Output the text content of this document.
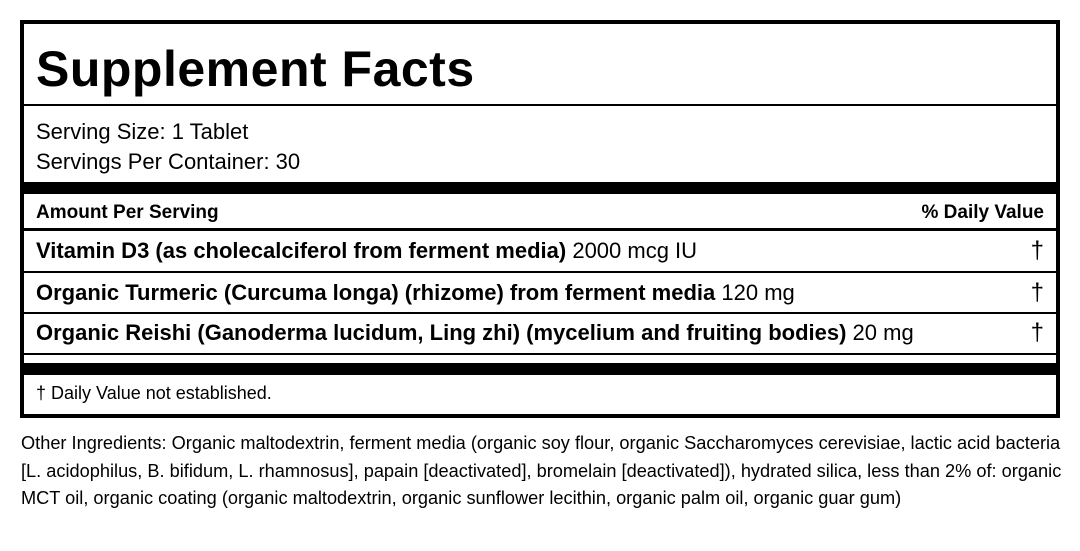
Supplement Facts
Serving Size: 1 Tablet
Servings Per Container: 30
Amount Per Serving	% Daily Value
Vitamin D3 (as cholecalciferol from ferment media) 2000 mcg IU	†
Organic Turmeric (Curcuma longa) (rhizome) from ferment media 120 mg	†
Organic Reishi (Ganoderma lucidum, Ling zhi) (mycelium and fruiting bodies) 20 mg	†
† Daily Value not established.
Other Ingredients: Organic maltodextrin, ferment media (organic soy flour, organic Saccharomyces cerevisiae, lactic acid bacteria [L. acidophilus, B. bifidum, L. rhamnosus], papain [deactivated], bromelain [deactivated]), hydrated silica, less than 2% of: organic MCT oil, organic coating (organic maltodextrin, organic sunflower lecithin, organic palm oil, organic guar gum)
